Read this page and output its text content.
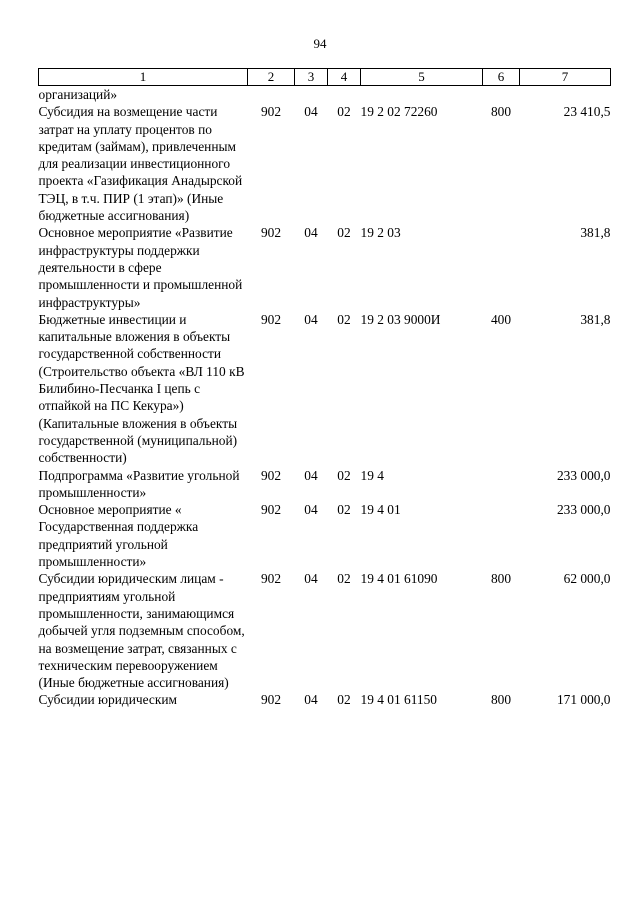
94
1	2	3	4	5	6	7
организаций»						
Субсидия на возмещение части затрат на уплату процентов по кредитам (займам), привлеченным для реализации инвестиционного проекта «Газификация Анадырской ТЭЦ, в т.ч. ПИР (1 этап)» (Иные бюджетные ассигнования)	902	04	02	19 2 02 72260	800	23 410,5
Основное мероприятие «Развитие инфраструктуры поддержки деятельности в сфере промышленности и промышленной инфраструктуры»	902	04	02	19 2 03		381,8
Бюджетные инвестиции и капитальные вложения в объекты государственной собственности (Строительство объекта «ВЛ 110 кВ Билибино-Песчанка I цепь с отпайкой на ПС Кекура») (Капитальные вложения в объекты государственной (муниципальной) собственности)	902	04	02	19 2 03 9000И	400	381,8
Подпрограмма «Развитие угольной промышленности»	902	04	02	19 4		233 000,0
Основное мероприятие « Государственная поддержка предприятий угольной промышленности»	902	04	02	19 4 01		233 000,0
Субсидии юридическим лицам - предприятиям угольной промышленности, занимающимся добычей угля подземным способом, на возмещение затрат, связанных с техническим перевооружением (Иные бюджетные ассигнования)	902	04	02	19 4 01 61090	800	62 000,0
Субсидии юридическим	902	04	02	19 4 01 61150	800	171 000,0
